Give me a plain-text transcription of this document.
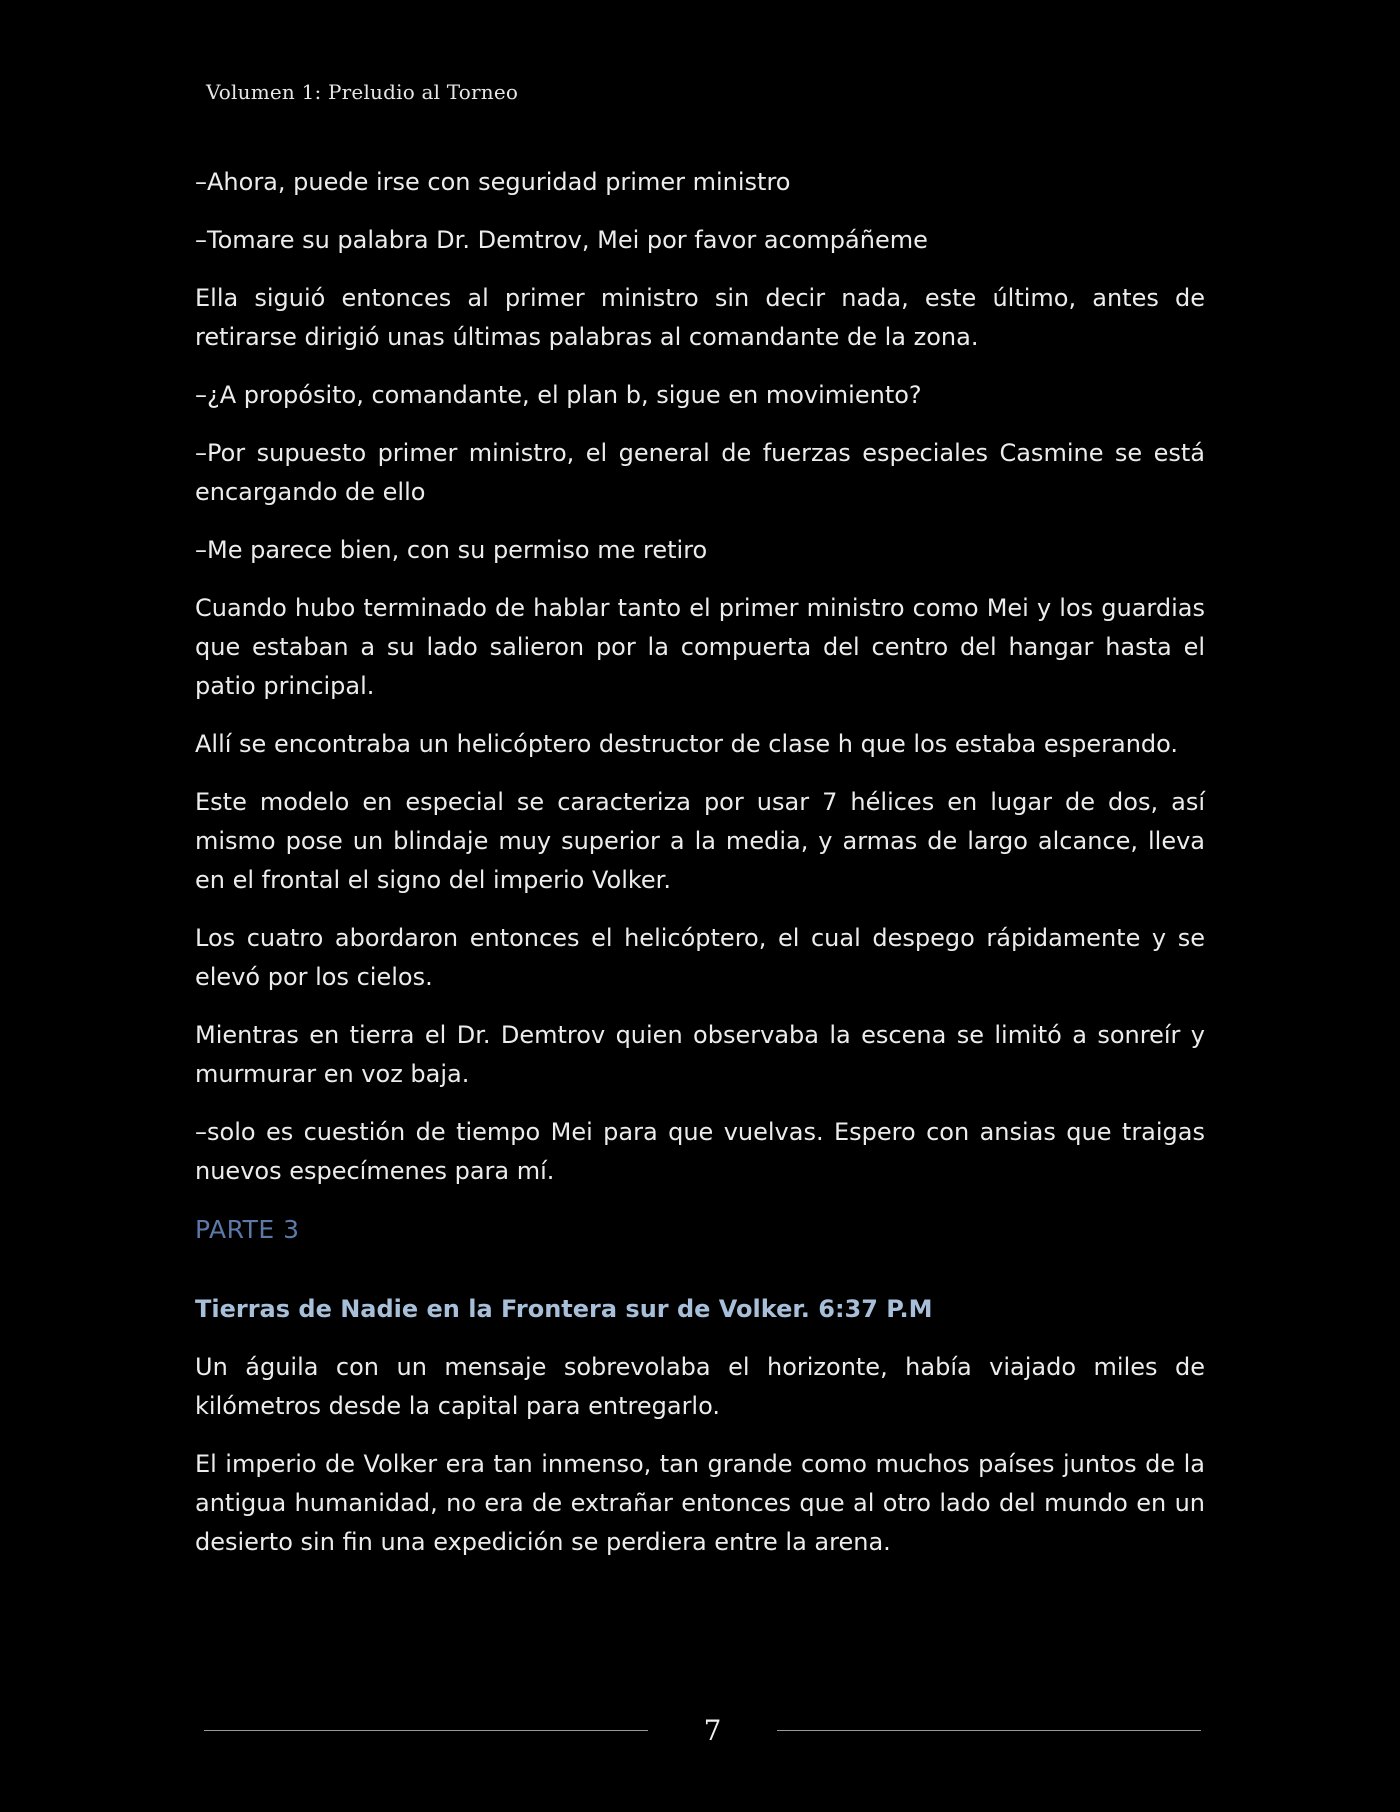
Volumen 1: Preludio al Torneo

–Ahora, puede irse con seguridad primer ministro

–Tomare su palabra Dr. Demtrov, Mei por favor acompáñeme

Ella siguió entonces al primer ministro sin decir nada, este último, antes de retirarse dirigió unas últimas palabras al comandante de la zona.

–¿A propósito, comandante, el plan b, sigue en movimiento?

–Por supuesto primer ministro, el general de fuerzas especiales Casmine se está encargando de ello

–Me parece bien, con su permiso me retiro

Cuando hubo terminado de hablar tanto el primer ministro como Mei y los guardias que estaban a su lado salieron por la compuerta del centro del hangar hasta el patio principal.

Allí se encontraba un helicóptero destructor de clase h que los estaba esperando.

Este modelo en especial se caracteriza por usar 7 hélices en lugar de dos, así mismo pose un blindaje muy superior a la media, y armas de largo alcance, lleva en el frontal el signo del imperio Volker.

Los cuatro abordaron entonces el helicóptero, el cual despego rápidamente y se elevó por los cielos.

Mientras en tierra el Dr. Demtrov quien observaba la escena se limitó a sonreír y murmurar en voz baja.

–solo es cuestión de tiempo Mei para que vuelvas. Espero con ansias que traigas nuevos especímenes para mí.

PARTE 3
Tierras de Nadie en la Frontera sur de Volker. 6:37 P.M

Un águila con un mensaje sobrevolaba el horizonte, había viajado miles de kilómetros desde la capital para entregarlo.

El imperio de Volker era tan inmenso, tan grande como muchos países juntos de la antigua humanidad, no era de extrañar entonces que al otro lado del mundo en un desierto sin fin una expedición se perdiera entre la arena.

7
